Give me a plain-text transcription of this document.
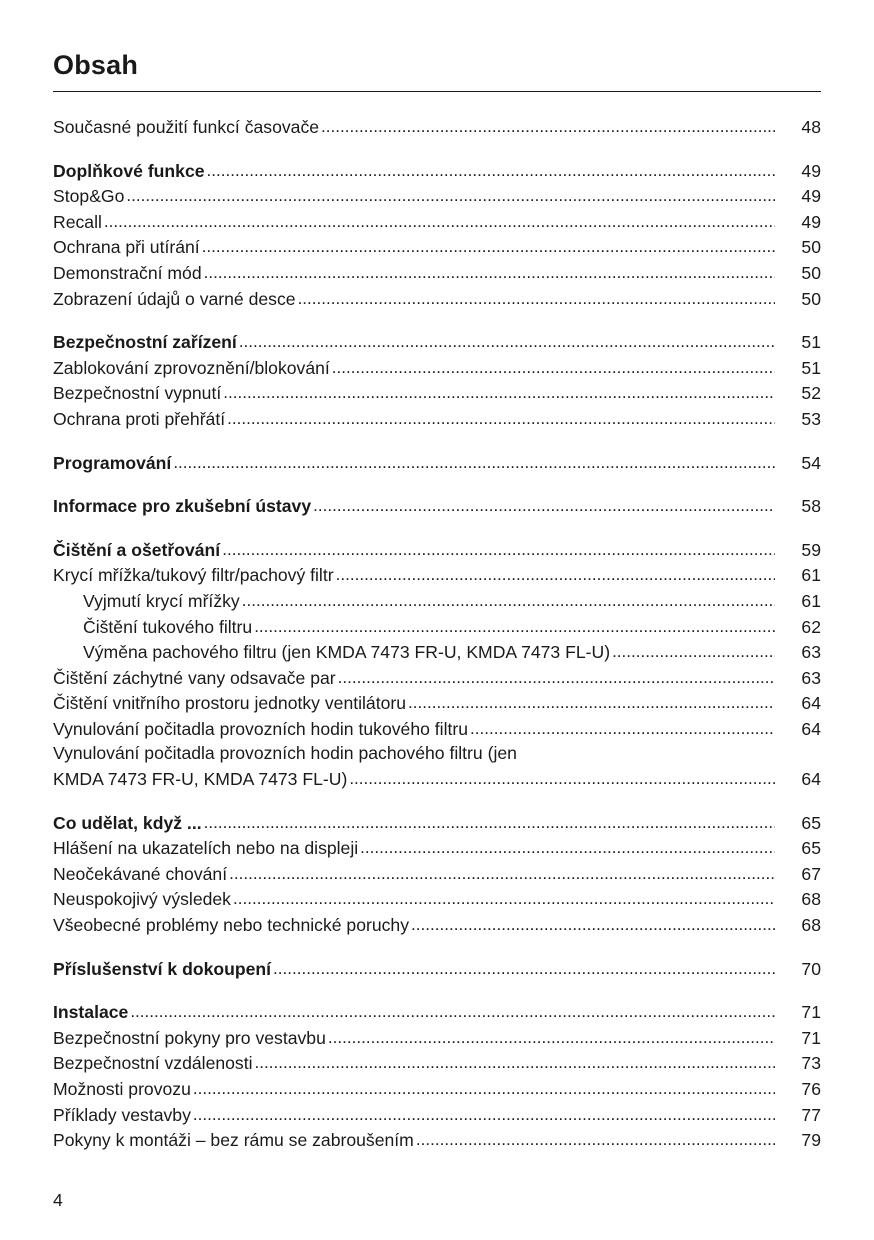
Obsah
Současné použití funkcí časovače . . .	48
Doplňkové funkce . . .	49
Stop&Go . . .	49
Recall . . .	49
Ochrana při utírání . . .	50
Demonstrační mód . . .	50
Zobrazení údajů o varné desce . . .	50
Bezpečnostní zařízení . . .	51
Zablokování zprovoznění/blokování . . .	51
Bezpečnostní vypnutí . . .	52
Ochrana proti přehřátí . . .	53
Programování . . .	54
Informace pro zkušební ústavy . . .	58
Čištění a ošetřování . . .	59
Krycí mřížka/tukový filtr/pachový filtr . . .	61
Vyjmutí krycí mřížky . . .	61
Čištění tukového filtru . . .	62
Výměna pachového filtru (jen KMDA 7473 FR-U, KMDA 7473 FL-U) . . .	63
Čištění záchytné vany odsavače par . . .	63
Čištění vnitřního prostoru jednotky ventilátoru . . .	64
Vynulování počitadla provozních hodin tukového filtru . . .	64
Vynulování počitadla provozních hodin pachového filtru (jen
KMDA 7473 FR-U, KMDA 7473 FL-U) . . .	64
Co udělat, když ... . . .	65
Hlášení na ukazatelích nebo na displeji . . .	65
Neočekávané chování . . .	67
Neuspokojivý výsledek . . .	68
Všeobecné problémy nebo technické poruchy . . .	68
Příslušenství k dokoupení . . .	70
Instalace . . .	71
Bezpečnostní pokyny pro vestavbu . . .	71
Bezpečnostní vzdálenosti . . .	73
Možnosti provozu . . .	76
Příklady vestavby . . .	77
Pokyny k montáži – bez rámu se zabroušením . . .	79
4
